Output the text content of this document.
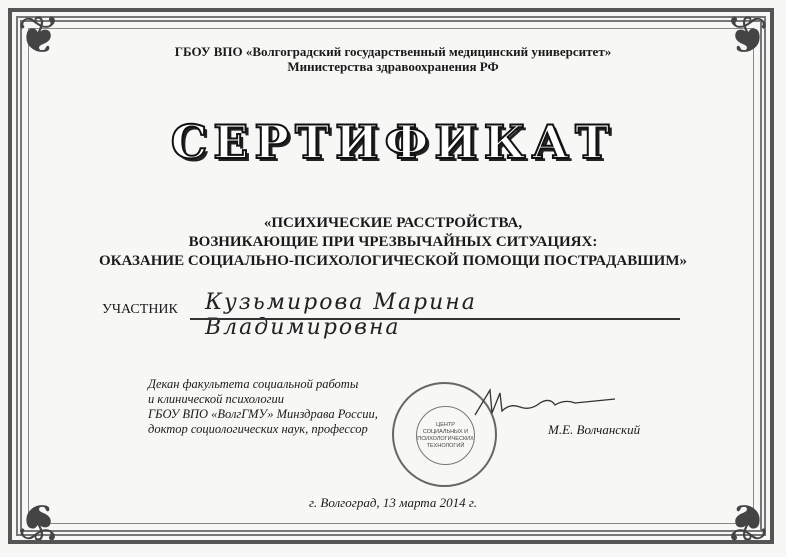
❦	❦
❦	❦
ГБОУ ВПО «Волгоградский государственный медицинский университет»
Министерства здравоохранения РФ
СЕРТИФИКАТ
«ПСИХИЧЕСКИЕ РАССТРОЙСТВА,
ВОЗНИКАЮЩИЕ ПРИ ЧРЕЗВЫЧАЙНЫХ СИТУАЦИЯХ:
ОКАЗАНИЕ СОЦИАЛЬНО-ПСИХОЛОГИЧЕСКОЙ ПОМОЩИ ПОСТРАДАВШИМ»
УЧАСТНИК Кузьмирова Марина Владимировна
Декан факультета социальной работы
и клинической психологии
ГБОУ ВПО «ВолгГМУ» Минздрава России,
доктор социологических наук, профессор	ЦЕНТР СОЦИАЛЬНЫХ И ПСИХОЛОГИЧЕСКИХ ТЕХНОЛОГИЙ
М.Е. Волчанский
г. Волгоград, 13 марта 2014 г.
